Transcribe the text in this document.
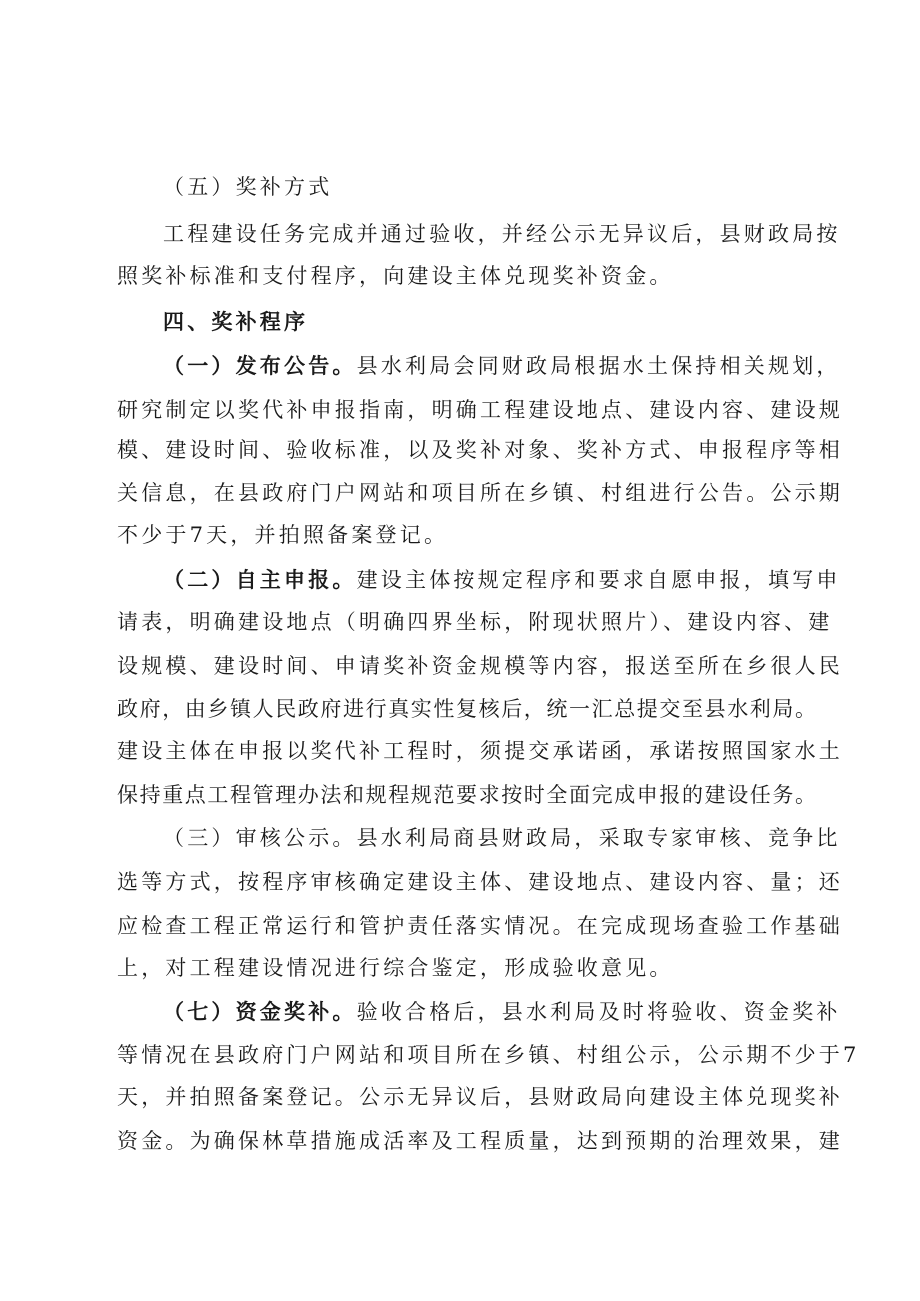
（五）奖补方式
工程建设任务完成并通过验收，并经公示无异议后，县财政局按
照奖补标准和支付程序，向建设主体兑现奖补资金。
四、奖补程序
（一）发布公告。县水利局会同财政局根据水土保持相关规划，
研究制定以奖代补申报指南，明确工程建设地点、建设内容、建设规
模、建设时间、验收标准，以及奖补对象、奖补方式、申报程序等相
关信息，在县政府门户网站和项目所在乡镇、村组进行公告。公示期
不少于7天，并拍照备案登记。
（二）自主申报。建设主体按规定程序和要求自愿申报，填写申
请表，明确建设地点（明确四界坐标，附现状照片）、建设内容、建
设规模、建设时间、申请奖补资金规模等内容，报送至所在乡很人民
政府，由乡镇人民政府进行真实性复核后，统一汇总提交至县水利局。
建设主体在申报以奖代补工程时，须提交承诺函，承诺按照国家水土
保持重点工程管理办法和规程规范要求按时全面完成申报的建设任务。
（三）审核公示。县水利局商县财政局，采取专家审核、竞争比
选等方式，按程序审核确定建设主体、建设地点、建设内容、量；还
应检查工程正常运行和管护责任落实情况。在完成现场查验工作基础
上，对工程建设情况进行综合鉴定，形成验收意见。
（七）资金奖补。验收合格后，县水利局及时将验收、资金奖补
等情况在县政府门户网站和项目所在乡镇、村组公示，公示期不少于7
天，并拍照备案登记。公示无异议后，县财政局向建设主体兑现奖补
资金。为确保林草措施成活率及工程质量，达到预期的治理效果，建
